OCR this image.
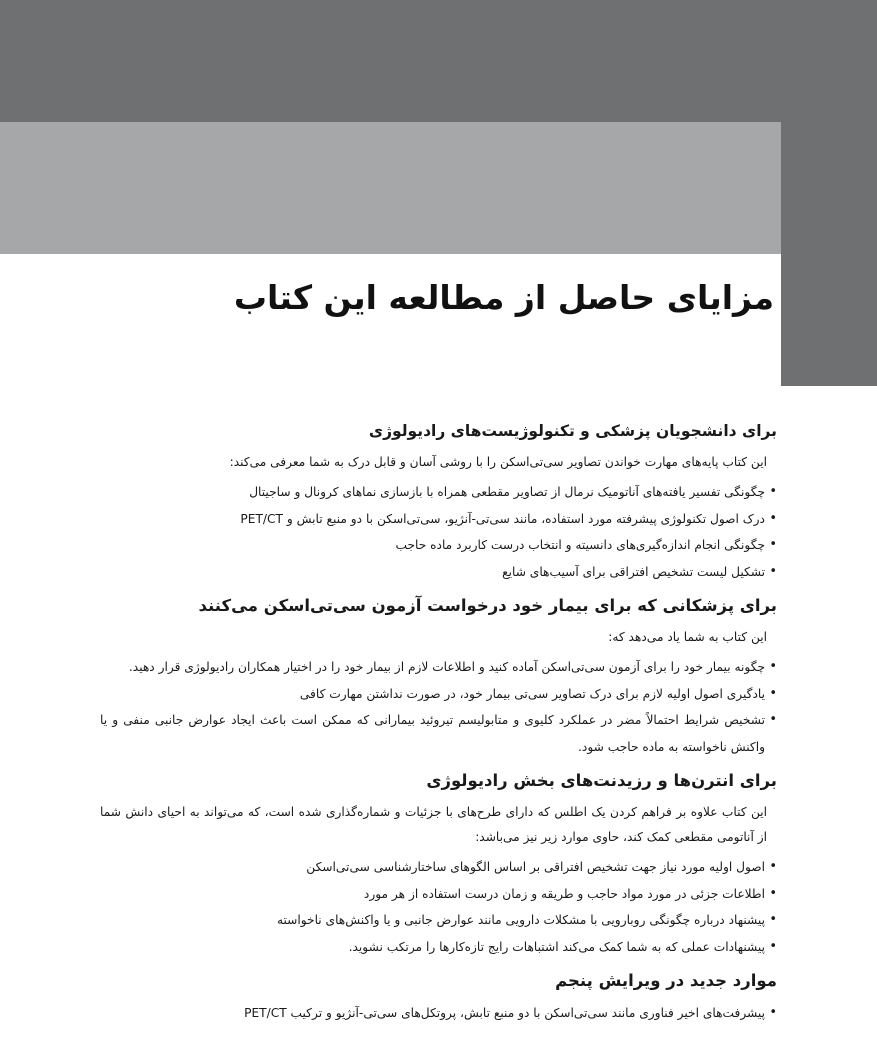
مزایای حاصل از مطالعه این کتاب
برای دانشجویان پزشکی و تکنولوژیست‌های رادیولوژی
این کتاب پایه‌های مهارت خواندن تصاویر سی‌تی‌اسکن را با روشی آسان و قابل درک به شما معرفی می‌کند:
• چگونگی تفسیر یافته‌های آناتومیک نرمال از تصاویر مقطعی همراه با بازسازی نماهای کرونال و ساجیتال
• درک اصول تکنولوژی پیشرفته مورد استفاده، مانند سی‌تی-آنژیو، سی‌تی‌اسکن با دو منبع تابش و PET/CT
• چگونگی انجام اندازه‌گیری‌های دانسیته و انتخاب درست کاربرد ماده حاجب
• تشکیل لیست تشخیص افتراقی برای آسیب‌های شایع
برای پزشکانی که برای بیمار خود درخواست آزمون سی‌تی‌اسکن می‌کنند
این کتاب به شما یاد می‌دهد که:
• چگونه بیمار خود را برای آزمون سی‌تی‌اسکن آماده کنید و اطلاعات لازم از بیمار خود را در اختیار همکاران رادیولوژی قرار دهید.
• یادگیری اصول اولیه لازم برای درک تصاویر سی‌تی بیمار خود، در صورت نداشتن مهارت کافی
• تشخیص شرایط احتمالاً مضر در عملکرد کلیوی و متابولیسم تیروئید بیمارانی که ممکن است باعث ایجاد عوارض جانبی منفی و یا واکنش ناخواسته به ماده حاجب شود.
برای انترن‌ها و رزیدنت‌های بخش رادیولوژی
این کتاب علاوه بر فراهم کردن یک اطلس که دارای طرح‌های با جزئیات و شماره‌گذاری شده است، که می‌تواند به احیای دانش شما از آناتومی مقطعی کمک کند، حاوی موارد زیر نیز می‌باشد:
• اصول اولیه مورد نیاز جهت تشخیص افتراقی بر اساس الگوهای ساختارشناسی سی‌تی‌اسکن
• اطلاعات جزئی در مورد مواد حاجب و طریقه و زمان درست استفاده از هر مورد
• پیشنهاد درباره چگونگی روبارویی با مشکلات دارویی مانند عوارض جانبی و یا واکنش‌های ناخواسته
• پیشنهادات عملی که به شما کمک می‌کند اشتباهات رایج تازه‌کارها را مرتکب نشوید.
موارد جدید در ویرایش پنجم
• پیشرفت‌های اخیر فناوری مانند سی‌تی‌اسکن با دو منبع تابش، پروتکل‌های سی‌تی-آنژیو و ترکیب PET/CT
